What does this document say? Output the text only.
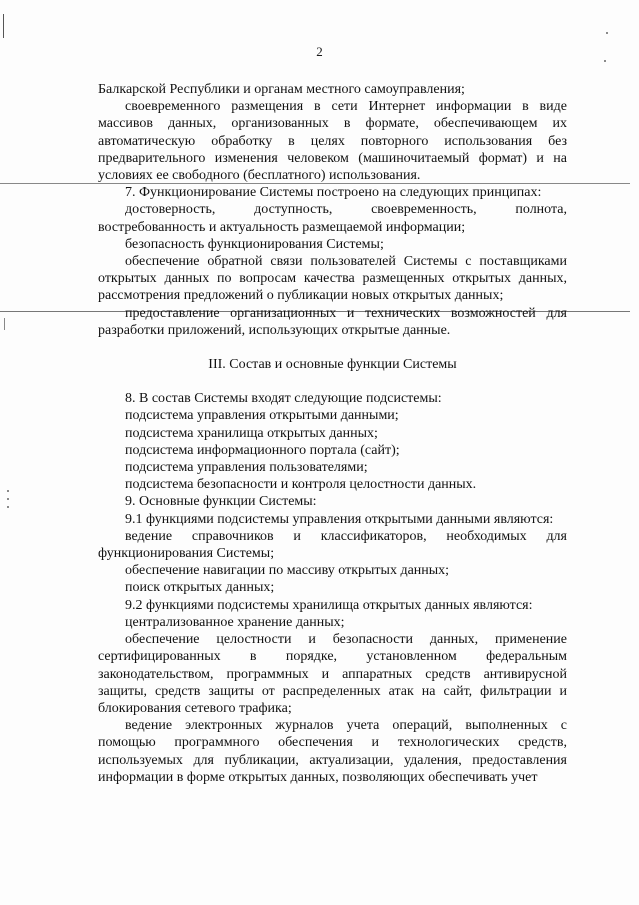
2

Балкарской Республики и органам местного самоуправления;

своевременного размещения в сети Интернет информации в виде массивов данных, организованных в формате, обеспечивающем их автоматическую обработку в целях повторного использования без предварительного изменения человеком (машиночитаемый формат) и на условиях ее свободного (бесплатного) использования.

7. Функционирование Системы построено на следующих принципах:

достоверность, доступность, своевременность, полнота, востребованность и актуальность размещаемой информации;

безопасность функционирования Системы;

обеспечение обратной связи пользователей Системы с поставщиками открытых данных по вопросам качества размещенных открытых данных, рассмотрения предложений о публикации новых открытых данных;

предоставление организационных и технических возможностей для разработки приложений, использующих открытые данные.

III. Состав и основные функции Системы

8. В состав Системы входят следующие подсистемы:

подсистема управления открытыми данными;

подсистема хранилища открытых данных;

подсистема информационного портала (сайт);

подсистема управления пользователями;

подсистема безопасности и контроля целостности данных.

9. Основные функции Системы:

9.1 функциями подсистемы управления открытыми данными являются:

ведение справочников и классификаторов, необходимых для функционирования Системы;

обеспечение навигации по массиву открытых данных;

поиск открытых данных;

9.2 функциями подсистемы хранилища открытых данных являются:

централизованное хранение данных;

обеспечение целостности и безопасности данных, применение сертифицированных в порядке, установленном федеральным законодательством, программных и аппаратных средств антивирусной защиты, средств защиты от распределенных атак на сайт, фильтрации и блокирования сетевого трафика;

ведение электронных журналов учета операций, выполненных с помощью программного обеспечения и технологических средств, используемых для публикации, актуализации, удаления, предоставления информации в форме открытых данных, позволяющих обеспечивать учет
